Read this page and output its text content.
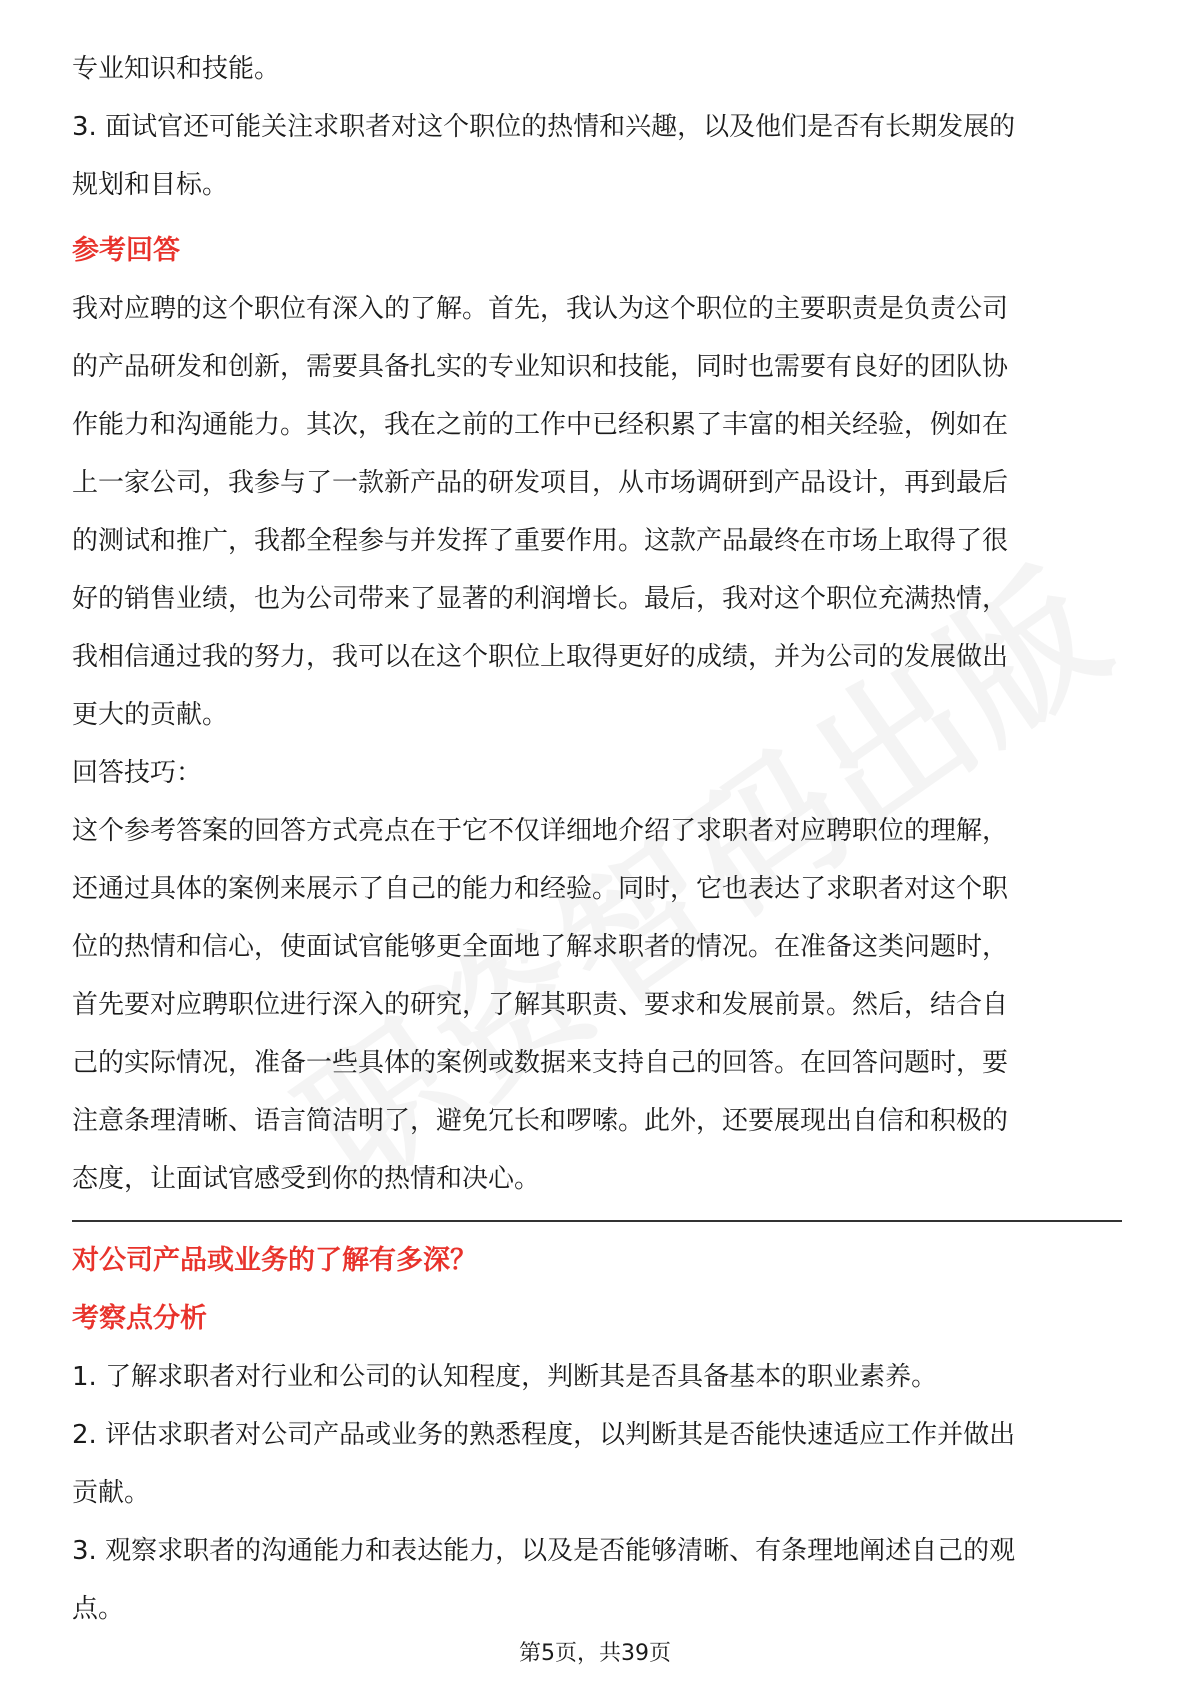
专业知识和技能。
3. 面试官还可能关注求职者对这个职位的热情和兴趣，以及他们是否有长期发展的
规划和目标。
参考回答
我对应聘的这个职位有深入的了解。首先，我认为这个职位的主要职责是负责公司
的产品研发和创新，需要具备扎实的专业知识和技能，同时也需要有良好的团队协
作能力和沟通能力。其次，我在之前的工作中已经积累了丰富的相关经验，例如在
上一家公司，我参与了一款新产品的研发项目，从市场调研到产品设计，再到最后
的测试和推广，我都全程参与并发挥了重要作用。这款产品最终在市场上取得了很
好的销售业绩，也为公司带来了显著的利润增长。最后，我对这个职位充满热情，
我相信通过我的努力，我可以在这个职位上取得更好的成绩，并为公司的发展做出
更大的贡献。
回答技巧：
这个参考答案的回答方式亮点在于它不仅详细地介绍了求职者对应聘职位的理解，
还通过具体的案例来展示了自己的能力和经验。同时，它也表达了求职者对这个职
位的热情和信心，使面试官能够更全面地了解求职者的情况。在准备这类问题时，
首先要对应聘职位进行深入的研究，了解其职责、要求和发展前景。然后，结合自
己的实际情况，准备一些具体的案例或数据来支持自己的回答。在回答问题时，要
注意条理清晰、语言简洁明了，避免冗长和啰嗦。此外，还要展现出自信和积极的
态度，让面试官感受到你的热情和决心。
对公司产品或业务的了解有多深？
考察点分析
1. 了解求职者对行业和公司的认知程度，判断其是否具备基本的职业素养。
2. 评估求职者对公司产品或业务的熟悉程度，以判断其是否能快速适应工作并做出
贡献。
3. 观察求职者的沟通能力和表达能力，以及是否能够清晰、有条理地阐述自己的观
点。
第5页，共39页
